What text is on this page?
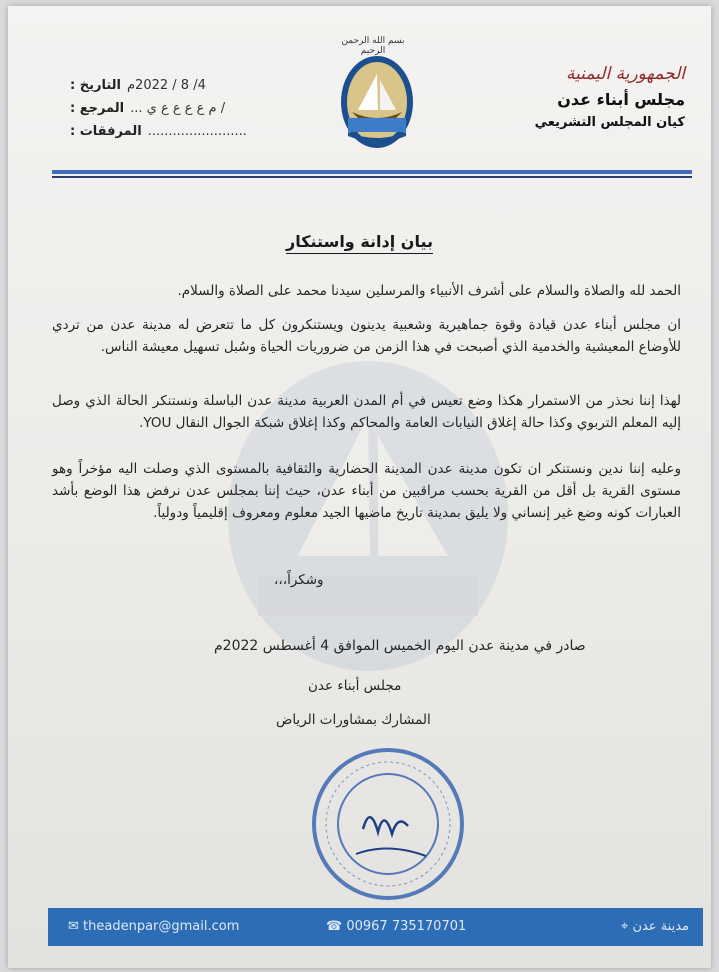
بسم الله الرحمن الرحيم
الجمهورية اليمنية
مجلس أبناء عدن
كيان المجلس التشريعي
التاريخ : 4/ 8 / 2022م
المرجع : / م ع ع ع ع ي ...
المرفقات : ........................
بيان إدانة واستنكار
الحمد لله والصلاة والسلام على أشرف الأنبياء والمرسلين سيدنا محمد على الصلاة والسلام.
ان مجلس أبناء عدن قيادة وقوة جماهيرية وشعبية يدينون ويستنكرون كل ما تتعرض له مدينة عدن من تردي للأوضاع المعيشية والخدمية الذي أصبحت في هذا الزمن من ضروريات الحياة وسُبل تسهيل معيشة الناس.
لهذا إننا نحذر من الاستمرار هكذا وضع تعيس في أم المدن العربية مدينة عدن الباسلة ونستنكر الحالة الذي وصل إليه المعلم التربوي وكذا حالة إغلاق النيابات العامة والمحاكم وكذا إغلاق شبكة الجوال النقال YOU.
وعليه إننا ندين ونستنكر ان تكون مدينة عدن المدينة الحضارية والثقافية بالمستوى الذي وصلت اليه مؤخراً وهو مستوى القرية بل أقل من القرية بحسب مراقبين من أبناء عدن، حيث إننا بمجلس عدن نرفض هذا الوضع بأشد العبارات كونه وضع غير إنساني ولا يليق بمدينة تاريخ ماضيها الجيد معلوم ومعروف إقليمياً ودولياً.
وشكراً،،،
صادر في مدينة عدن اليوم الخميس الموافق 4 أغسطس 2022م
مجلس أبناء عدن
المشارك بمشاورات الرياض
✉ theadenpar@gmail.com	☎ 00967 735170701	مدينة عدن ⌖
